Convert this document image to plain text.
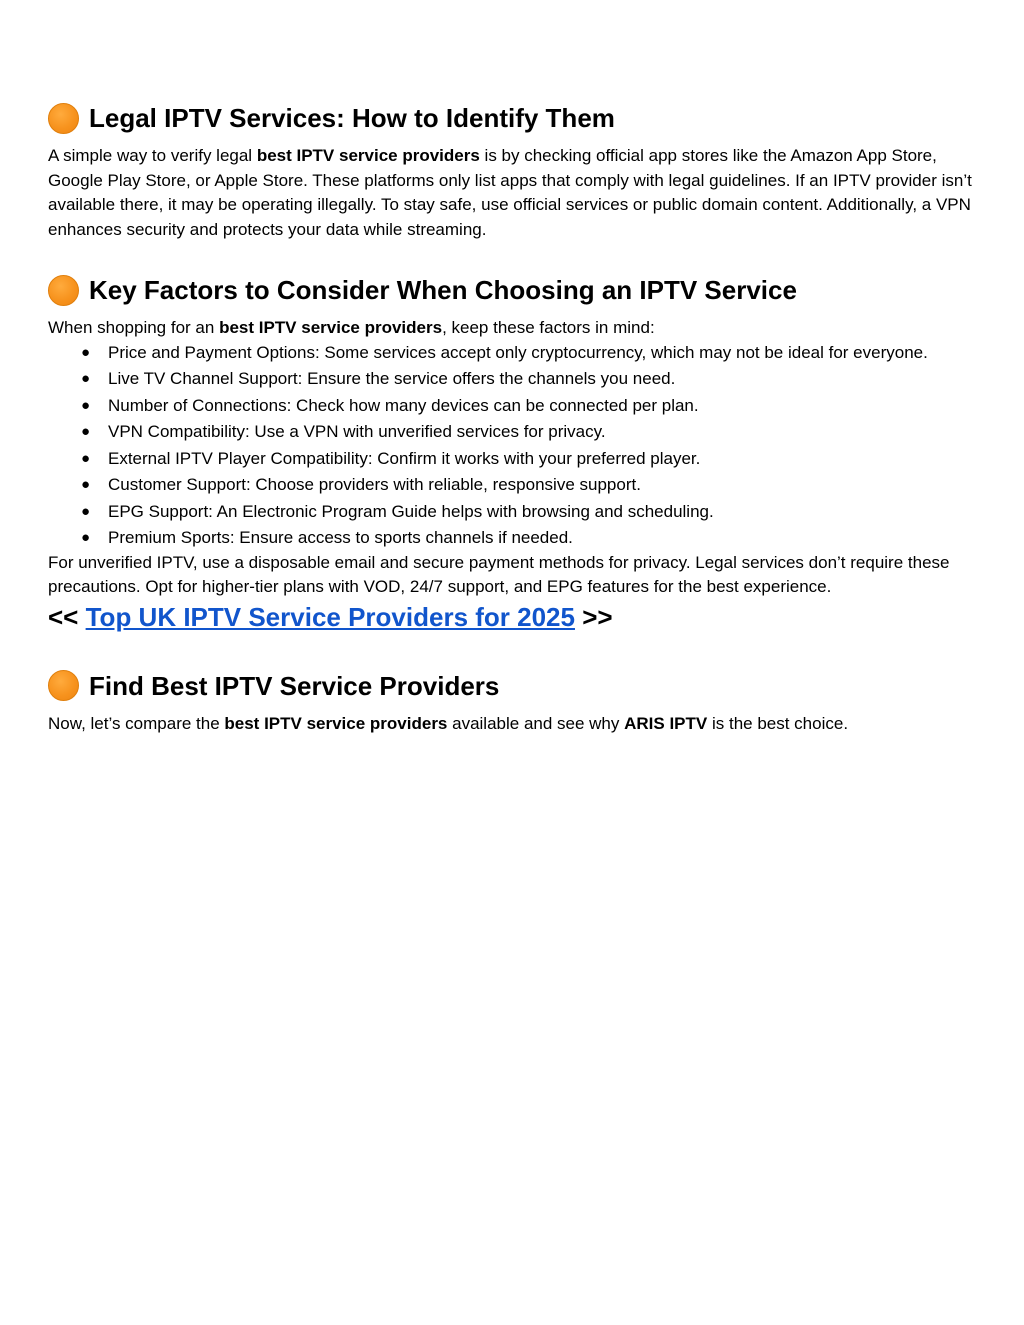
Legal IPTV Services: How to Identify Them

A simple way to verify legal best IPTV service providers is by checking official app stores like the Amazon App Store, Google Play Store, or Apple Store. These platforms only list apps that comply with legal guidelines. If an IPTV provider isn’t available there, it may be operating illegally. To stay safe, use official services or public domain content. Additionally, a VPN enhances security and protects your data while streaming.

Key Factors to Consider When Choosing an IPTV Service

When shopping for an best IPTV service providers, keep these factors in mind:

● Price and Payment Options: Some services accept only cryptocurrency, which may not be ideal for everyone.
● Live TV Channel Support: Ensure the service offers the channels you need.
● Number of Connections: Check how many devices can be connected per plan.
● VPN Compatibility: Use a VPN with unverified services for privacy.
● External IPTV Player Compatibility: Confirm it works with your preferred player.
● Customer Support: Choose providers with reliable, responsive support.
● EPG Support: An Electronic Program Guide helps with browsing and scheduling.
● Premium Sports: Ensure access to sports channels if needed.

For unverified IPTV, use a disposable email and secure payment methods for privacy. Legal services don’t require these precautions. Opt for higher-tier plans with VOD, 24/7 support, and EPG features for the best experience.

<< Top UK IPTV Service Providers for 2025 >>
Find Best IPTV Service Providers

Now, let’s compare the best IPTV service providers available and see why ARIS IPTV is the best choice.
